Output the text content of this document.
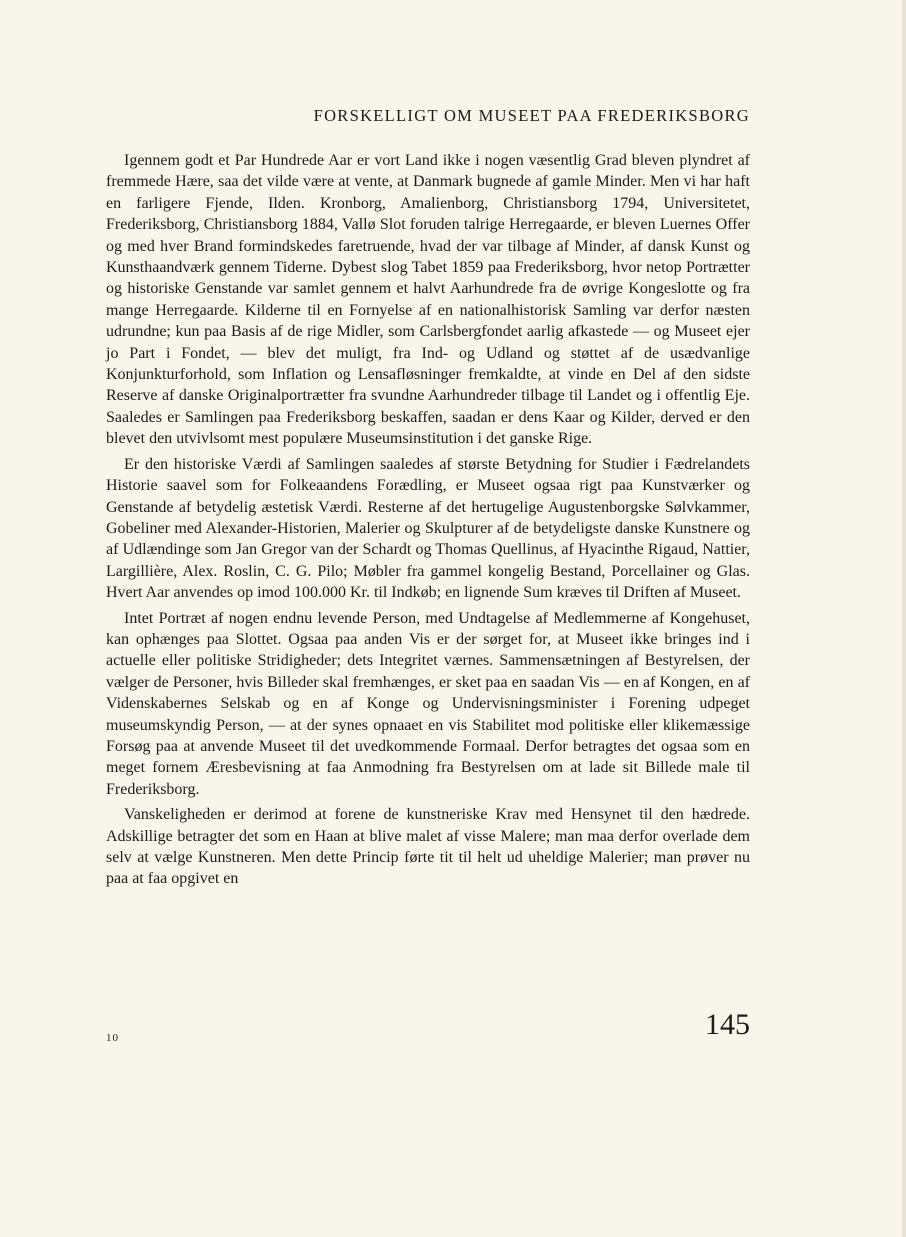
FORSKELLIGT OM MUSEET PAA FREDERIKSBORG

Igennem godt et Par Hundrede Aar er vort Land ikke i nogen væsentlig Grad bleven plyndret af fremmede Hære, saa det vilde være at vente, at Danmark bugnede af gamle Minder. Men vi har haft en farligere Fjende, Ilden. Kronborg, Amalienborg, Christiansborg 1794, Universitetet, Frederiksborg, Christiansborg 1884, Vallø Slot foruden talrige Herregaarde, er bleven Luernes Offer og med hver Brand formindskedes faretruende, hvad der var tilbage af Minder, af dansk Kunst og Kunsthaandværk gennem Tiderne. Dybest slog Tabet 1859 paa Frederiksborg, hvor netop Portrætter og historiske Genstande var samlet gennem et halvt Aarhundrede fra de øvrige Kongeslotte og fra mange Herregaarde. Kilderne til en Fornyelse af en nationalhistorisk Samling var derfor næsten udrundne; kun paa Basis af de rige Midler, som Carlsbergfondet aarlig afkastede — og Museet ejer jo Part i Fondet, — blev det muligt, fra Ind- og Udland og støttet af de usædvanlige Konjunkturforhold, som Inflation og Lensafløsninger fremkaldte, at vinde en Del af den sidste Reserve af danske Originalportrætter fra svundne Aarhundreder tilbage til Landet og i offentlig Eje. Saaledes er Samlingen paa Frederiksborg beskaffen, saadan er dens Kaar og Kilder, derved er den blevet den utvivlsomt mest populære Museumsinstitution i det ganske Rige.

Er den historiske Værdi af Samlingen saaledes af største Betydning for Studier i Fædrelandets Historie saavel som for Folkeaandens Forædling, er Museet ogsaa rigt paa Kunstværker og Genstande af betydelig æstetisk Værdi. Resterne af det hertugelige Augustenborgske Sølvkammer, Gobeliner med Alexander-Historien, Malerier og Skulpturer af de betydeligste danske Kunstnere og af Udlændinge som Jan Gregor van der Schardt og Thomas Quellinus, af Hyacinthe Rigaud, Nattier, Largillière, Alex. Roslin, C. G. Pilo; Møbler fra gammel kongelig Bestand, Porcellainer og Glas. Hvert Aar anvendes op imod 100.000 Kr. til Indkøb; en lignende Sum kræves til Driften af Museet.

Intet Portræt af nogen endnu levende Person, med Undtagelse af Medlemmerne af Kongehuset, kan ophænges paa Slottet. Ogsaa paa anden Vis er der sørget for, at Museet ikke bringes ind i actuelle eller politiske Stridigheder; dets Integritet værnes. Sammensætningen af Bestyrelsen, der vælger de Personer, hvis Billeder skal fremhænges, er sket paa en saadan Vis — en af Kongen, en af Videnskabernes Selskab og en af Konge og Undervisningsminister i Forening udpeget museumskyndig Person, — at der synes opnaaet en vis Stabilitet mod politiske eller klikemæssige Forsøg paa at anvende Museet til det uvedkommende Formaal. Derfor betragtes det ogsaa som en meget fornem Æresbevisning at faa Anmodning fra Bestyrelsen om at lade sit Billede male til Frederiksborg.

Vanskeligheden er derimod at forene de kunstneriske Krav med Hensynet til den hædrede. Adskillige betragter det som en Haan at blive malet af visse Malere; man maa derfor overlade dem selv at vælge Kunstneren. Men dette Princip førte tit til helt ud uheldige Malerier; man prøver nu paa at faa opgivet en

10	145
